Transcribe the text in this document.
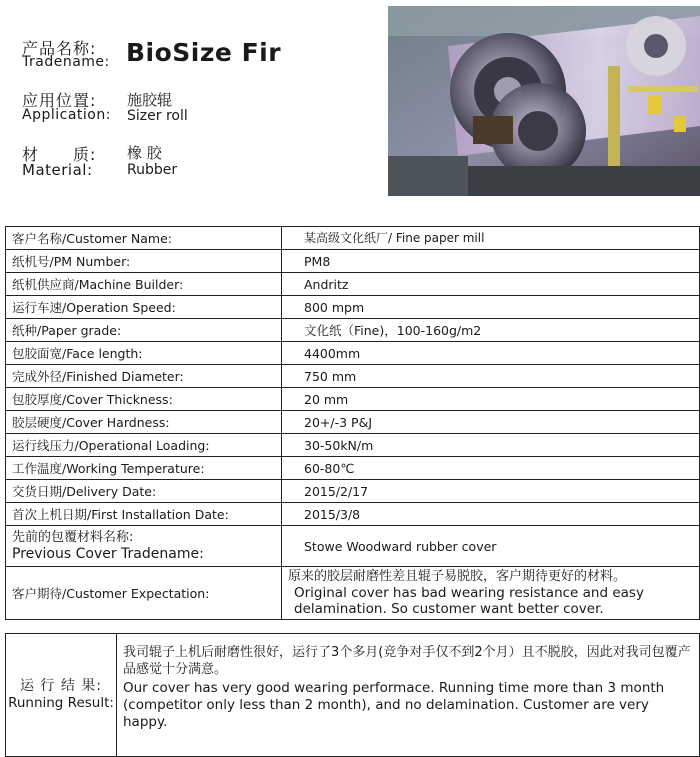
产品名称:
Tradename: BioSize Fir
应用位置:
Application:
施胶辊
Sizer roll
材　　质:
Material:
橡 胶
Rubber
客户名称/Customer Name:	某高级文化纸厂/ Fine paper mill
纸机号/PM Number:	PM8
纸机供应商/Machine Builder:	Andritz
运行车速/Operation Speed:	800 mpm
纸种/Paper grade:	文化纸（Fine)，100-160g/m2
包胶面宽/Face length:	4400mm
完成外径/Finished Diameter:	750 mm
包胶厚度/Cover Thickness:	20 mm
胶层硬度/Cover Hardness:	20+/-3 P&J
运行线压力/Operational Loading:	30-50kN/m
工作温度/Working Temperature:	60-80℃
交货日期/Delivery Date:	2015/2/17
首次上机日期/First Installation Date:	2015/3/8

先前的包覆材料名称:
Previous Cover Tradename:	Stowe Woodward rubber cover
客户期待/Customer Expectation:	原来的胶层耐磨性差且辊子易脱胶，客户期待更好的材料。
Original cover has bad wearing resistance and easy delamination. So customer want better cover.
运 行 结 果:
Running Result:

我司辊子上机后耐磨性很好，运行了3个多月(竞争对手仅不到2个月）且不脱胶，因此对我司包覆产品感觉十分满意。

Our cover has very good wearing performace. Running time more than 3 month (competitor only less than 2 month), and no delamination. Customer are very happy.
